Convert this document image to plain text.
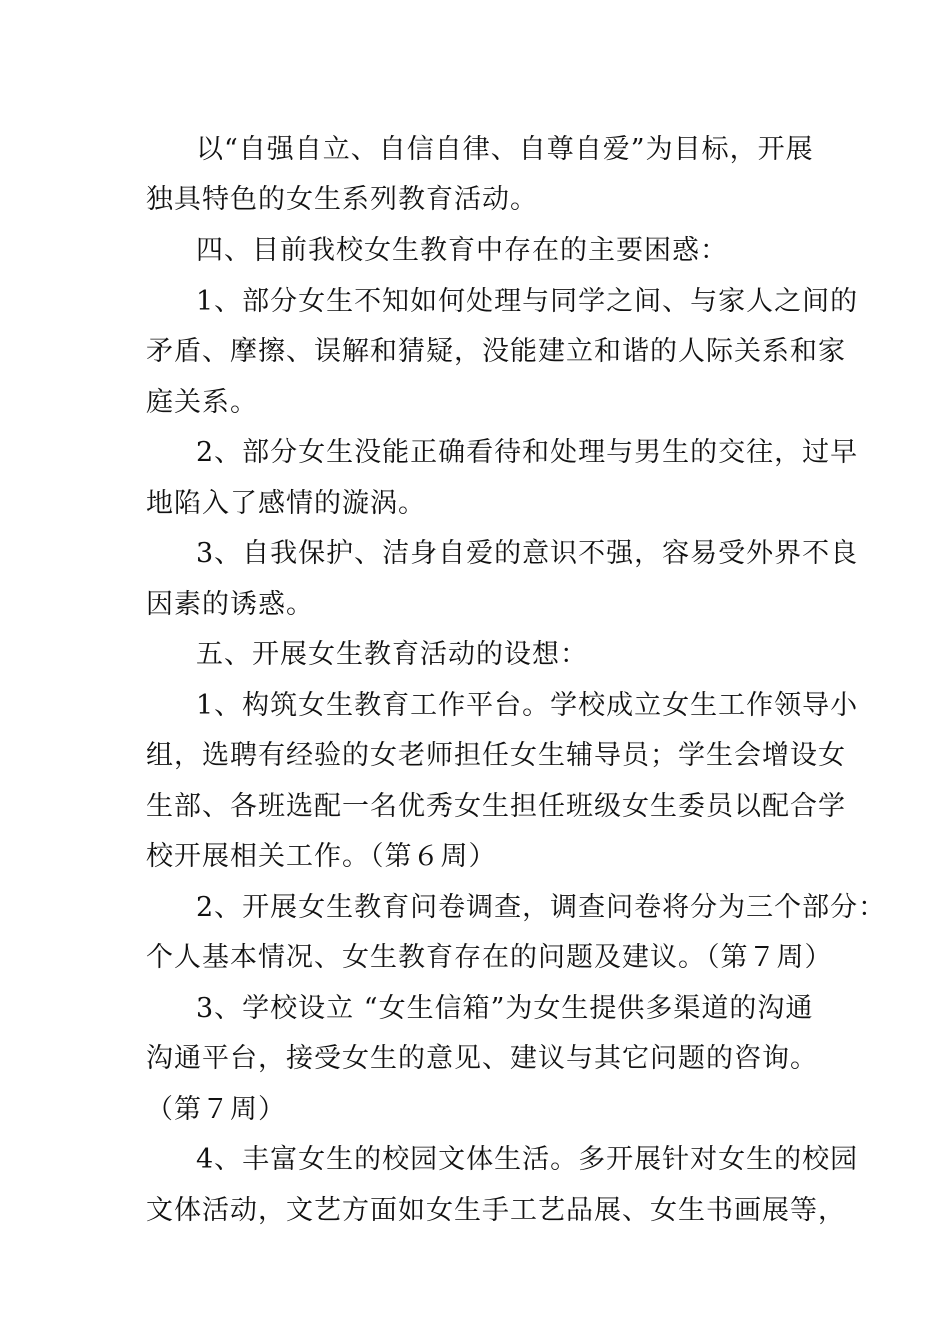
以“自强自立、自信自律、自尊自爱”为目标，开展
独具特色的女生系列教育活动。
四、目前我校女生教育中存在的主要困惑：
1、部分女生不知如何处理与同学之间、与家人之间的
矛盾、摩擦、误解和猜疑，没能建立和谐的人际关系和家
庭关系。
2、部分女生没能正确看待和处理与男生的交往，过早
地陷入了感情的漩涡。
3、自我保护、洁身自爱的意识不强，容易受外界不良
因素的诱惑。
五、开展女生教育活动的设想：
1、构筑女生教育工作平台。学校成立女生工作领导小
组，选聘有经验的女老师担任女生辅导员；学生会增设女
生部、各班选配一名优秀女生担任班级女生委员以配合学
校开展相关工作。（第６周）
2、开展女生教育问卷调查，调查问卷将分为三个部分：
个人基本情况、女生教育存在的问题及建议。（第７周）
3、学校设立 “女生信箱”为女生提供多渠道的沟通
沟通平台，接受女生的意见、建议与其它问题的咨询。
（第７周）
4、丰富女生的校园文体生活。多开展针对女生的校园
文体活动，文艺方面如女生手工艺品展、女生书画展等，
